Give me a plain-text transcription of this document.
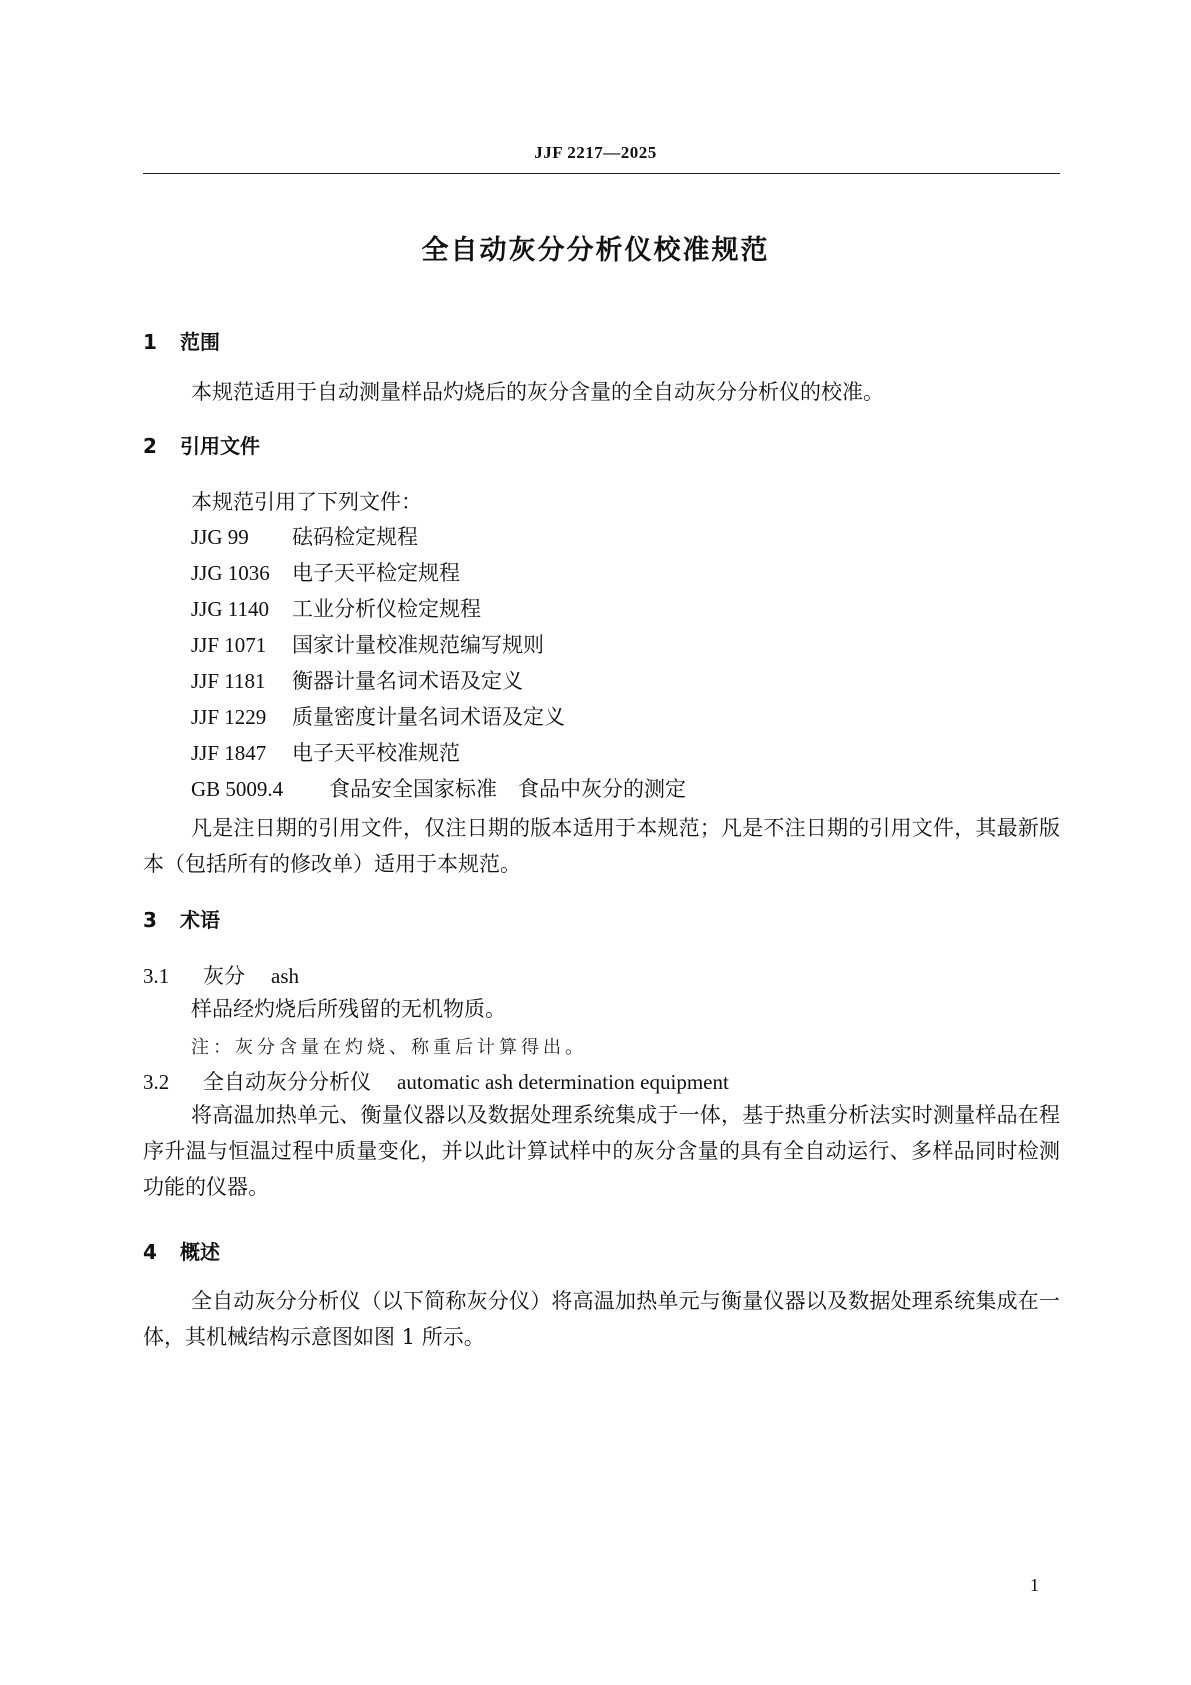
JJF 2217—2025
全自动灰分分析仪校准规范
1 范围
本规范适用于自动测量样品灼烧后的灰分含量的全自动灰分分析仪的校准。
2 引用文件
本规范引用了下列文件：
JJG 99 砝码检定规程
JJG 1036 电子天平检定规程
JJG 1140 工业分析仪检定规程
JJF 1071 国家计量校准规范编写规则
JJF 1181 衡器计量名词术语及定义
JJF 1229 质量密度计量名词术语及定义
JJF 1847 电子天平校准规范
GB 5009.4 食品安全国家标准　食品中灰分的测定
凡是注日期的引用文件，仅注日期的版本适用于本规范；凡是不注日期的引用文件，其最新版本（包括所有的修改单）适用于本规范。
3 术语
3.1 灰分 ash
样品经灼烧后所残留的无机物质。
注：灰分含量在灼烧、称重后计算得出。
3.2 全自动灰分分析仪 automatic ash determination equipment
将高温加热单元、衡量仪器以及数据处理系统集成于一体，基于热重分析法实时测量样品在程序升温与恒温过程中质量变化，并以此计算试样中的灰分含量的具有全自动运行、多样品同时检测功能的仪器。
4 概述
全自动灰分分析仪（以下简称灰分仪）将高温加热单元与衡量仪器以及数据处理系统集成在一体，其机械结构示意图如图 1 所示。
1
